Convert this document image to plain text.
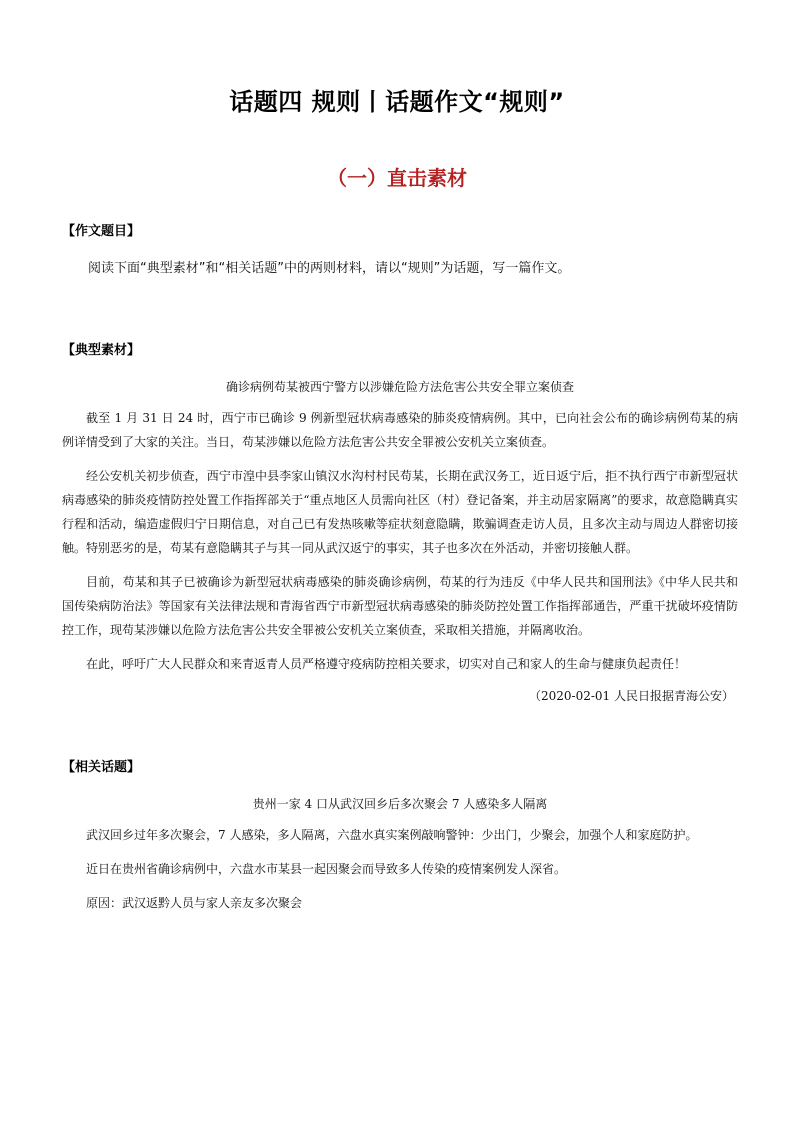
话题四 规则丨话题作文“规则”
（一）直击素材

【作文题目】

阅读下面“典型素材”和“相关话题”中的两则材料，请以“规则”为话题，写一篇作文。

【典型素材】

确诊病例苟某被西宁警方以涉嫌危险方法危害公共安全罪立案侦查

截至 1 月 31 日 24 时，西宁市已确诊 9 例新型冠状病毒感染的肺炎疫情病例。其中，已向社会公布的确诊病例苟某的病例详情受到了大家的关注。当日，苟某涉嫌以危险方法危害公共安全罪被公安机关立案侦查。

经公安机关初步侦查，西宁市湟中县李家山镇汉水沟村村民苟某，长期在武汉务工，近日返宁后，拒不执行西宁市新型冠状病毒感染的肺炎疫情防控处置工作指挥部关于“重点地区人员需向社区（村）登记备案，并主动居家隔离”的要求，故意隐瞒真实行程和活动，编造虚假归宁日期信息，对自己已有发热咳嗽等症状刻意隐瞒，欺骗调查走访人员，且多次主动与周边人群密切接触。特别恶劣的是，苟某有意隐瞒其子与其一同从武汉返宁的事实，其子也多次在外活动，并密切接触人群。

目前，苟某和其子已被确诊为新型冠状病毒感染的肺炎确诊病例，苟某的行为违反《中华人民共和国刑法》《中华人民共和国传染病防治法》等国家有关法律法规和青海省西宁市新型冠状病毒感染的肺炎防控处置工作指挥部通告，严重干扰破坏疫情防控工作，现苟某涉嫌以危险方法危害公共安全罪被公安机关立案侦查，采取相关措施，并隔离收治。

在此，呼吁广大人民群众和来青返青人员严格遵守疫病防控相关要求，切实对自己和家人的生命与健康负起责任！

（2020-02-01 人民日报据青海公安）

【相关话题】

贵州一家 4 口从武汉回乡后多次聚会 7 人感染多人隔离

武汉回乡过年多次聚会，7 人感染，多人隔离，六盘水真实案例敲响警钟：少出门，少聚会，加强个人和家庭防护。

近日在贵州省确诊病例中，六盘水市某县一起因聚会而导致多人传染的疫情案例发人深省。

原因：武汉返黔人员与家人亲友多次聚会
